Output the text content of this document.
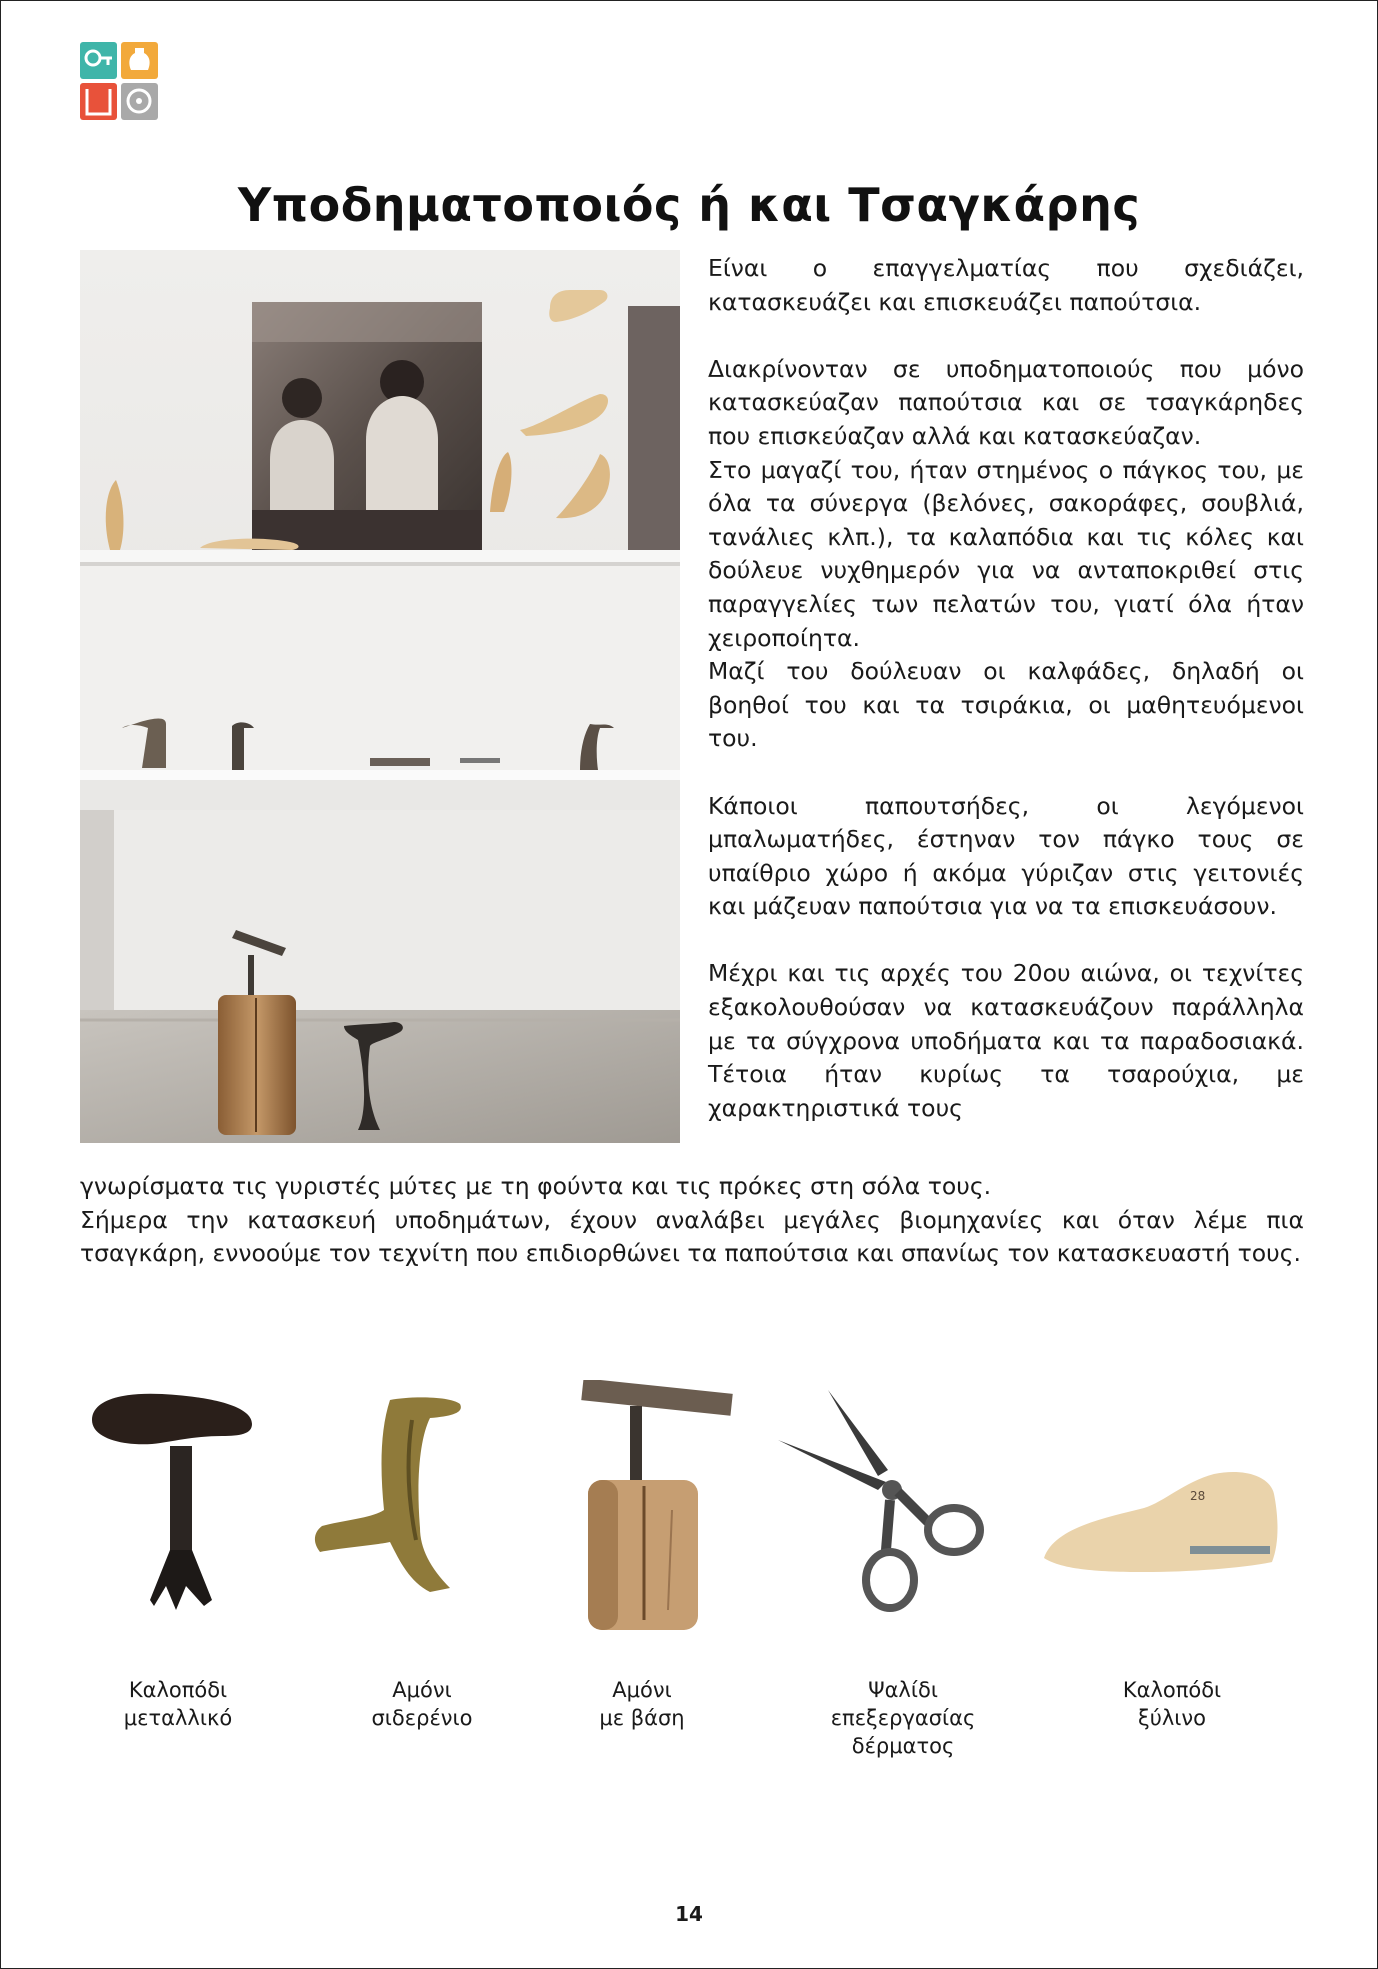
Υποδηματοποιός ή και Τσαγκάρης

Είναι ο επαγγελματίας που σχεδιάζει, κατασκευάζει και επισκευάζει παπούτσια.

Διακρίνονταν σε υποδηματοποιούς που μόνο κατασκεύαζαν παπούτσια και σε τσαγκάρηδες που επισκεύαζαν αλλά και κατασκεύαζαν.

Στο μαγαζί του, ήταν στημένος ο πάγκος του, με όλα τα σύνεργα (βελόνες, σακοράφες, σουβλιά, τανάλιες κλπ.), τα καλαπόδια και τις κόλες και δούλευε νυχθημερόν για να ανταποκριθεί στις παραγγελίες των πελατών του, γιατί όλα ήταν χειροποίητα.

Μαζί του δούλευαν οι καλφάδες, δηλαδή οι βοηθοί του και τα τσιράκια, οι μαθητευόμενοι του.

Κάποιοι παπουτσήδες, οι λεγόμενοι μπαλωματήδες, έστηναν τον πάγκο τους σε υπαίθριο χώρο ή ακόμα γύριζαν στις γειτονιές και μάζευαν παπούτσια για να τα επισκευάσουν.

Μέχρι και τις αρχές του 20ου αιώνα, οι τεχνίτες εξακολουθούσαν να κατασκευάζουν παράλληλα με τα σύγχρονα υποδήματα και τα παραδοσιακά. Τέτοια ήταν κυρίως τα τσαρούχια, με χαρακτηριστικά τους

γνωρίσματα τις γυριστές μύτες με τη φούντα και τις πρόκες στη σόλα τους.

Σήμερα την κατασκευή υποδημάτων, έχουν αναλάβει μεγάλες βιομηχανίες και όταν λέμε πια τσαγκάρη, εννοούμε τον τεχνίτη που επιδιορθώνει τα παπούτσια και σπανίως τον κατασκευαστή τους.

28
Καλοπόδι
μεταλλικό
Αμόνι
σιδερένιο
Αμόνι
με βάση
Ψαλίδι
επεξεργασίας
δέρματος
Καλοπόδι
ξύλινο
14
